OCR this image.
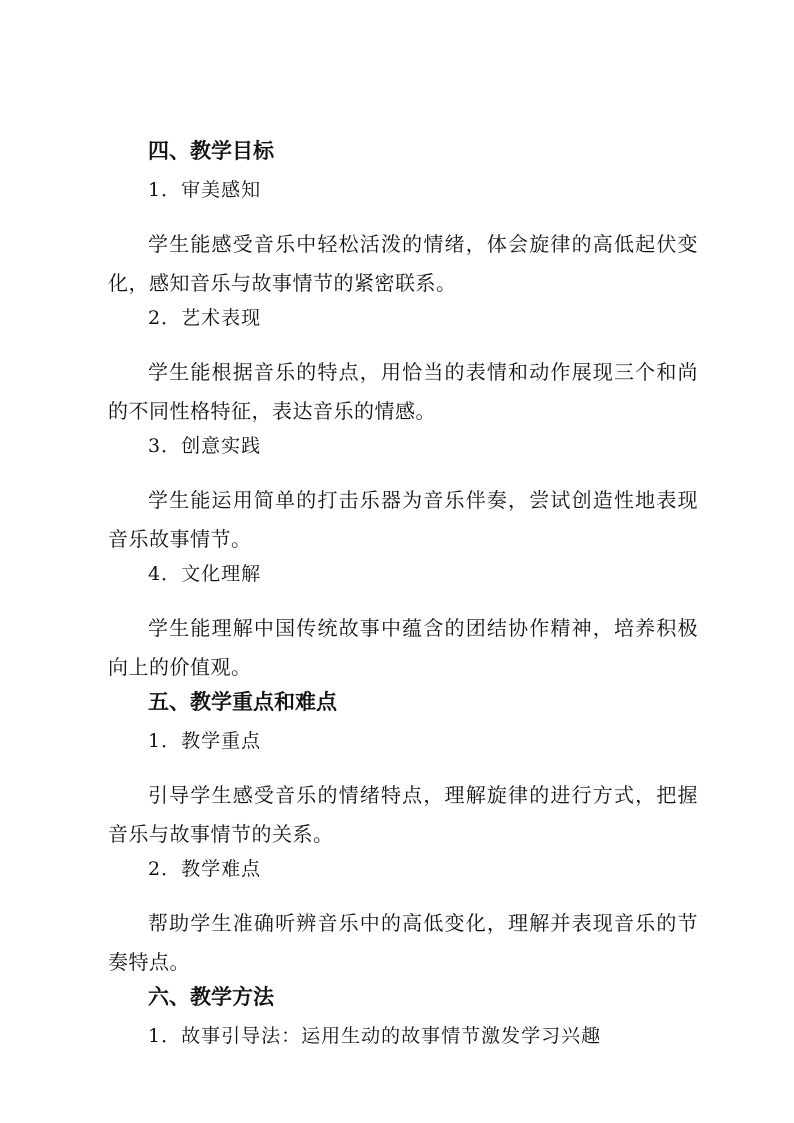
四、教学目标
1．审美感知

学生能感受音乐中轻松活泼的情绪，体会旋律的高低起伏变化，感知音乐与故事情节的紧密联系。

2．艺术表现

学生能根据音乐的特点，用恰当的表情和动作展现三个和尚的不同性格特征，表达音乐的情感。

3．创意实践

学生能运用简单的打击乐器为音乐伴奏，尝试创造性地表现音乐故事情节。

4．文化理解

学生能理解中国传统故事中蕴含的团结协作精神，培养积极向上的价值观。

五、教学重点和难点
1．教学重点

引导学生感受音乐的情绪特点，理解旋律的进行方式，把握音乐与故事情节的关系。

2．教学难点

帮助学生准确听辨音乐中的高低变化，理解并表现音乐的节奏特点。

六、教学方法
1．故事引导法：运用生动的故事情节激发学习兴趣
